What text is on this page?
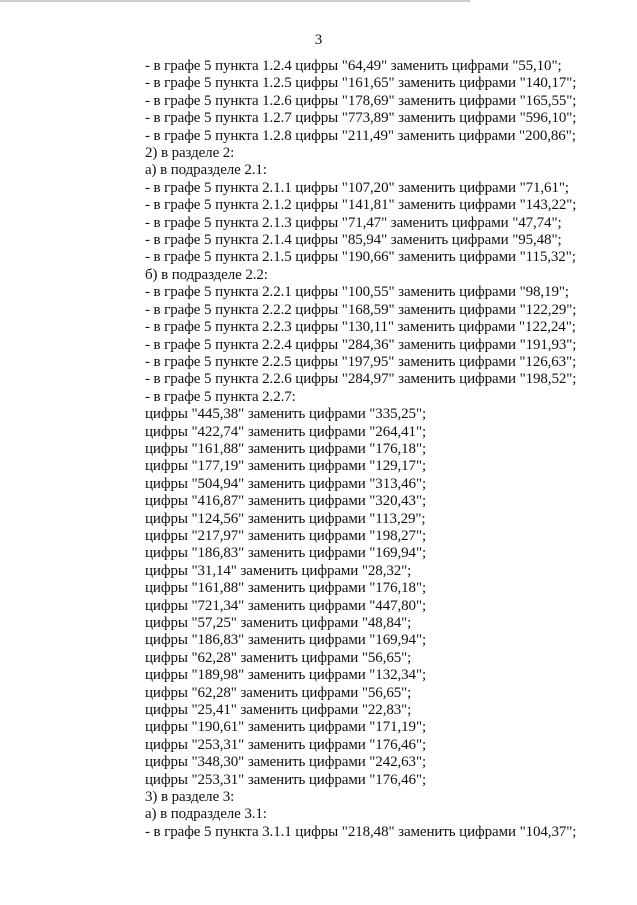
3
- в графе 5 пункта 1.2.4 цифры "64,49" заменить цифрами "55,10";
- в графе 5 пункта 1.2.5 цифры "161,65" заменить цифрами "140,17";
- в графе 5 пункта 1.2.6 цифры "178,69" заменить цифрами "165,55";
- в графе 5 пункта 1.2.7 цифры "773,89" заменить цифрами "596,10";
- в графе 5 пункта 1.2.8 цифры "211,49" заменить цифрами "200,86";
2) в разделе 2:
а) в подразделе 2.1:
- в графе 5 пункта 2.1.1 цифры "107,20" заменить цифрами "71,61";
- в графе 5 пункта 2.1.2 цифры "141,81" заменить цифрами "143,22";
- в графе 5 пункта 2.1.3 цифры "71,47" заменить цифрами "47,74";
- в графе 5 пункта 2.1.4 цифры "85,94" заменить цифрами "95,48";
- в графе 5 пункта 2.1.5 цифры "190,66" заменить цифрами "115,32";
б) в подразделе 2.2:
- в графе 5 пункта 2.2.1 цифры "100,55" заменить цифрами "98,19";
- в графе 5 пункта 2.2.2 цифры "168,59" заменить цифрами "122,29";
- в графе 5 пункта 2.2.3 цифры "130,11" заменить цифрами "122,24";
- в графе 5 пункта 2.2.4 цифры "284,36" заменить цифрами "191,93";
- в графе 5 пункте 2.2.5 цифры "197,95" заменить цифрами "126,63";
- в графе 5 пункта 2.2.6 цифры "284,97" заменить цифрами "198,52";
- в графе 5 пункта 2.2.7:
цифры "445,38" заменить цифрами "335,25";
цифры "422,74" заменить цифрами "264,41";
цифры "161,88" заменить цифрами "176,18";
цифры "177,19" заменить цифрами "129,17";
цифры "504,94" заменить цифрами "313,46";
цифры "416,87" заменить цифрами "320,43";
цифры "124,56" заменить цифрами "113,29";
цифры "217,97" заменить цифрами "198,27";
цифры "186,83" заменить цифрами "169,94";
цифры "31,14" заменить цифрами "28,32";
цифры "161,88" заменить цифрами "176,18";
цифры "721,34" заменить цифрами "447,80";
цифры "57,25" заменить цифрами "48,84";
цифры "186,83" заменить цифрами "169,94";
цифры "62,28" заменить цифрами "56,65";
цифры "189,98" заменить цифрами "132,34";
цифры "62,28" заменить цифрами "56,65";
цифры "25,41" заменить цифрами "22,83";
цифры "190,61" заменить цифрами "171,19";
цифры "253,31" заменить цифрами "176,46";
цифры "348,30" заменить цифрами "242,63";
цифры "253,31" заменить цифрами "176,46";
3) в разделе 3:
а) в подразделе 3.1:
- в графе 5 пункта 3.1.1 цифры "218,48" заменить цифрами "104,37";
